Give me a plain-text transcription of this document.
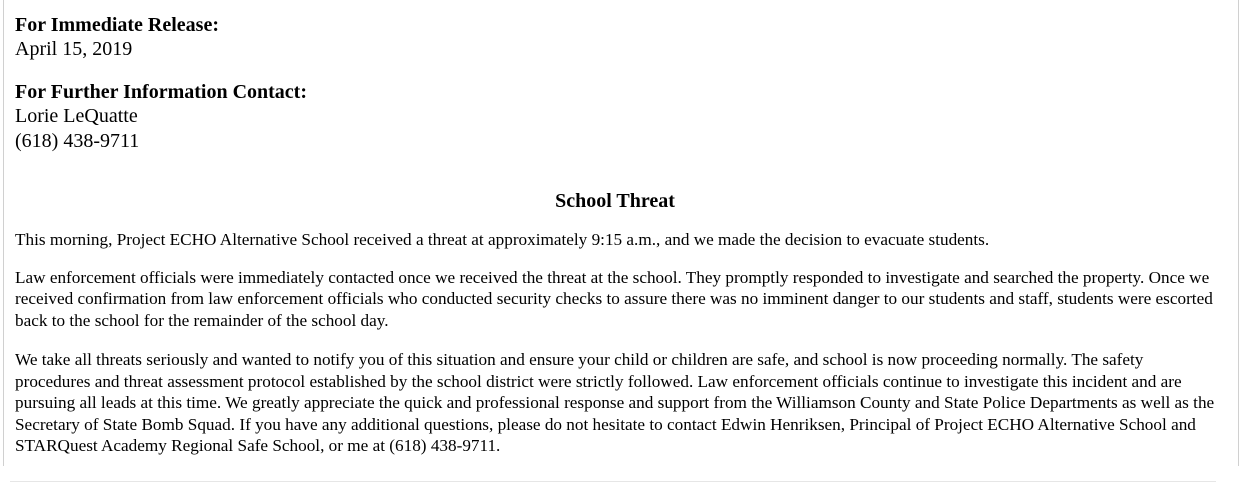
For Immediate Release:

April 15, 2019

For Further Information Contact:

Lorie LeQuatte

(618) 438-9711

School Threat

This morning, Project ECHO Alternative School received a threat at approximately 9:15 a.m., and we made the decision to evacuate students.

Law enforcement officials were immediately contacted once we received the threat at the school. They promptly responded to investigate and searched the property. Once we received confirmation from law enforcement officials who conducted security checks to assure there was no imminent danger to our students and staff, students were escorted back to the school for the remainder of the school day.

We take all threats seriously and wanted to notify you of this situation and ensure your child or children are safe, and school is now proceeding normally. The safety procedures and threat assessment protocol established by the school district were strictly followed. Law enforcement officials continue to investigate this incident and are pursuing all leads at this time. We greatly appreciate the quick and professional response and support from the Williamson County and State Police Departments as well as the Secretary of State Bomb Squad. If you have any additional questions, please do not hesitate to contact Edwin Henriksen, Principal of Project ECHO Alternative School and STARQuest Academy Regional Safe School, or me at (618) 438-9711.
